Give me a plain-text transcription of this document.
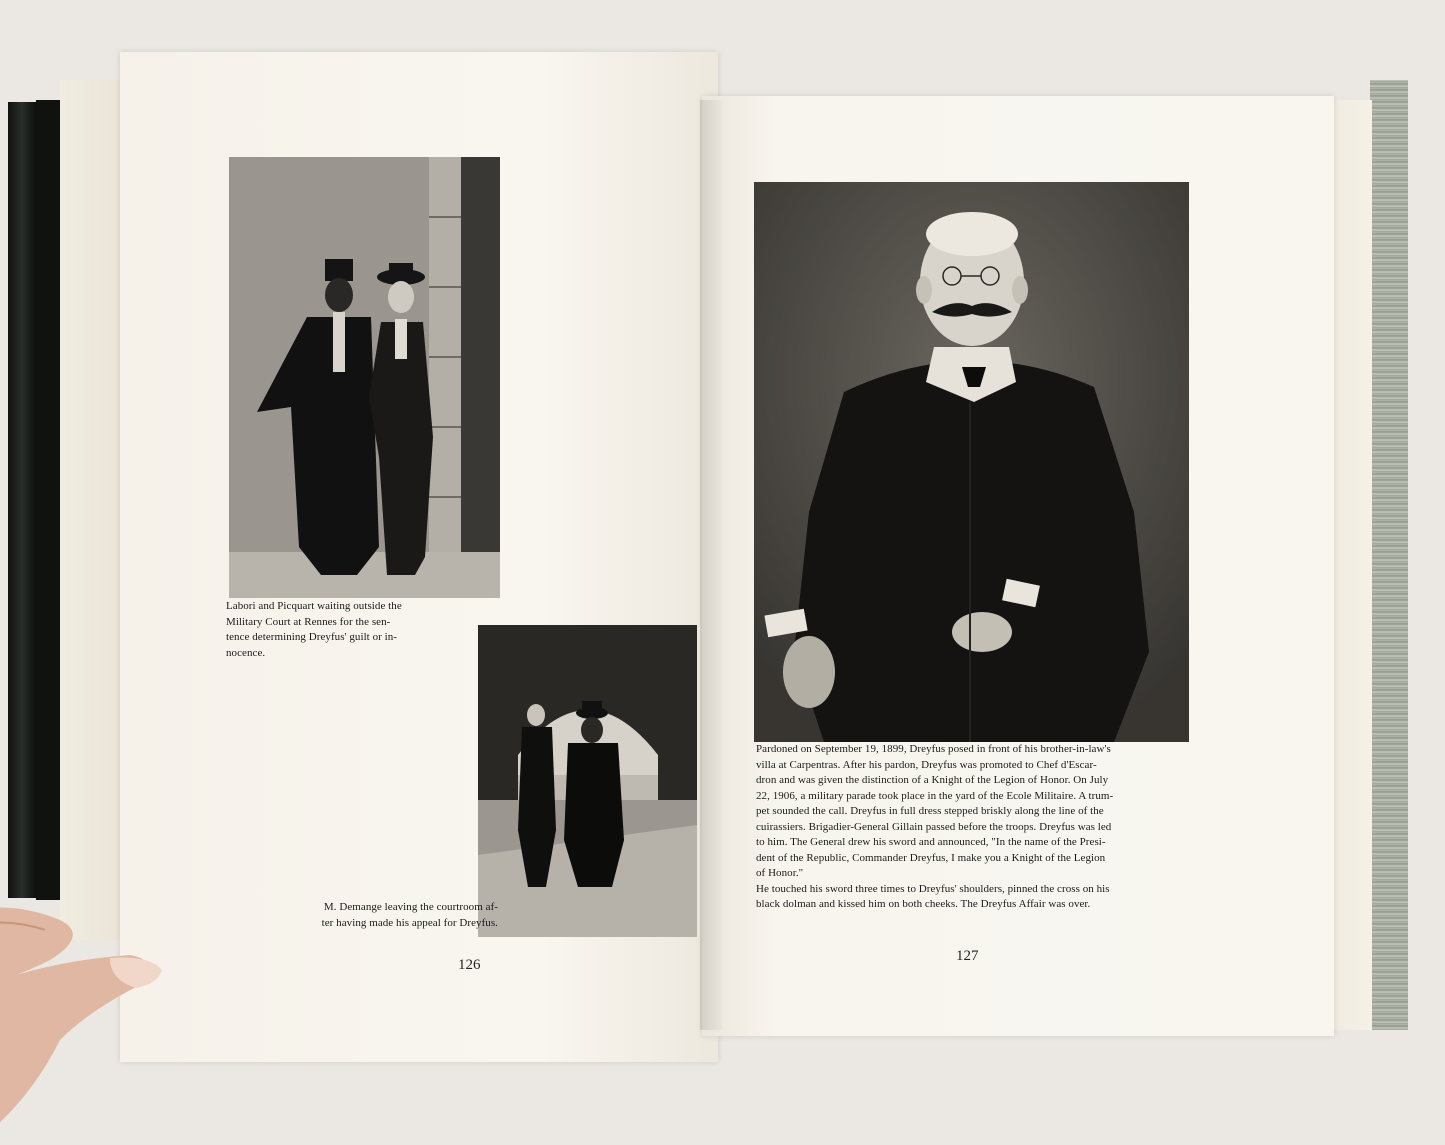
Labori and Picquart waiting outside the
Military Court at Rennes for the sen-
tence determining Dreyfus' guilt or in-
nocence.

M. Demange leaving the courtroom af-
ter having made his appeal for Dreyfus.

126

Pardoned on September 19, 1899, Dreyfus posed in front of his brother-in-law's
villa at Carpentras. After his pardon, Dreyfus was promoted to Chef d'Escar-
dron and was given the distinction of a Knight of the Legion of Honor. On July
22, 1906, a military parade took place in the yard of the Ecole Militaire. A trum-
pet sounded the call. Dreyfus in full dress stepped briskly along the line of the
cuirassiers. Brigadier-General Gillain passed before the troops. Dreyfus was led
to him. The General drew his sword and announced, "In the name of the Presi-
dent of the Republic, Commander Dreyfus, I make you a Knight of the Legion
of Honor."

He touched his sword three times to Dreyfus' shoulders, pinned the cross on his
black dolman and kissed him on both cheeks. The Dreyfus Affair was over.

127
